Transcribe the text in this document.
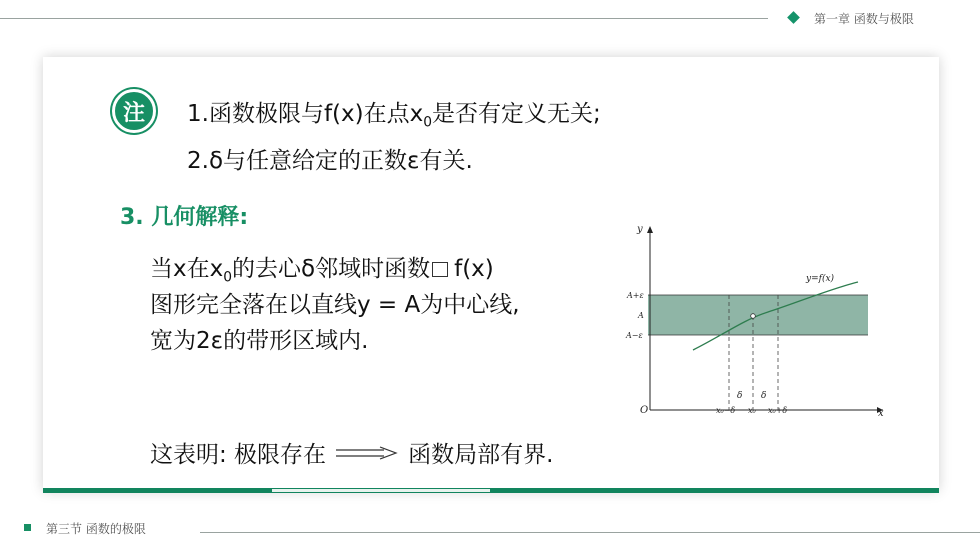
第一章 函数与极限
注	1.函数极限与f(x)在点$x_0$是否有定义无关;
2.δ与任意给定的正数ε有关.
3. 几何解释:
当x在$x_0$的去心δ邻域时函数 f(x)
图形完全落在以直线y = A为中心线,
宽为2ε的带形区域内.
y
x
O
y=f(x)
A+ε
A
A−ε
δ δ
x₀−δ x₀ x₀+δ
这表明: 极限存在	函数局部有界.
第三节 函数的极限
